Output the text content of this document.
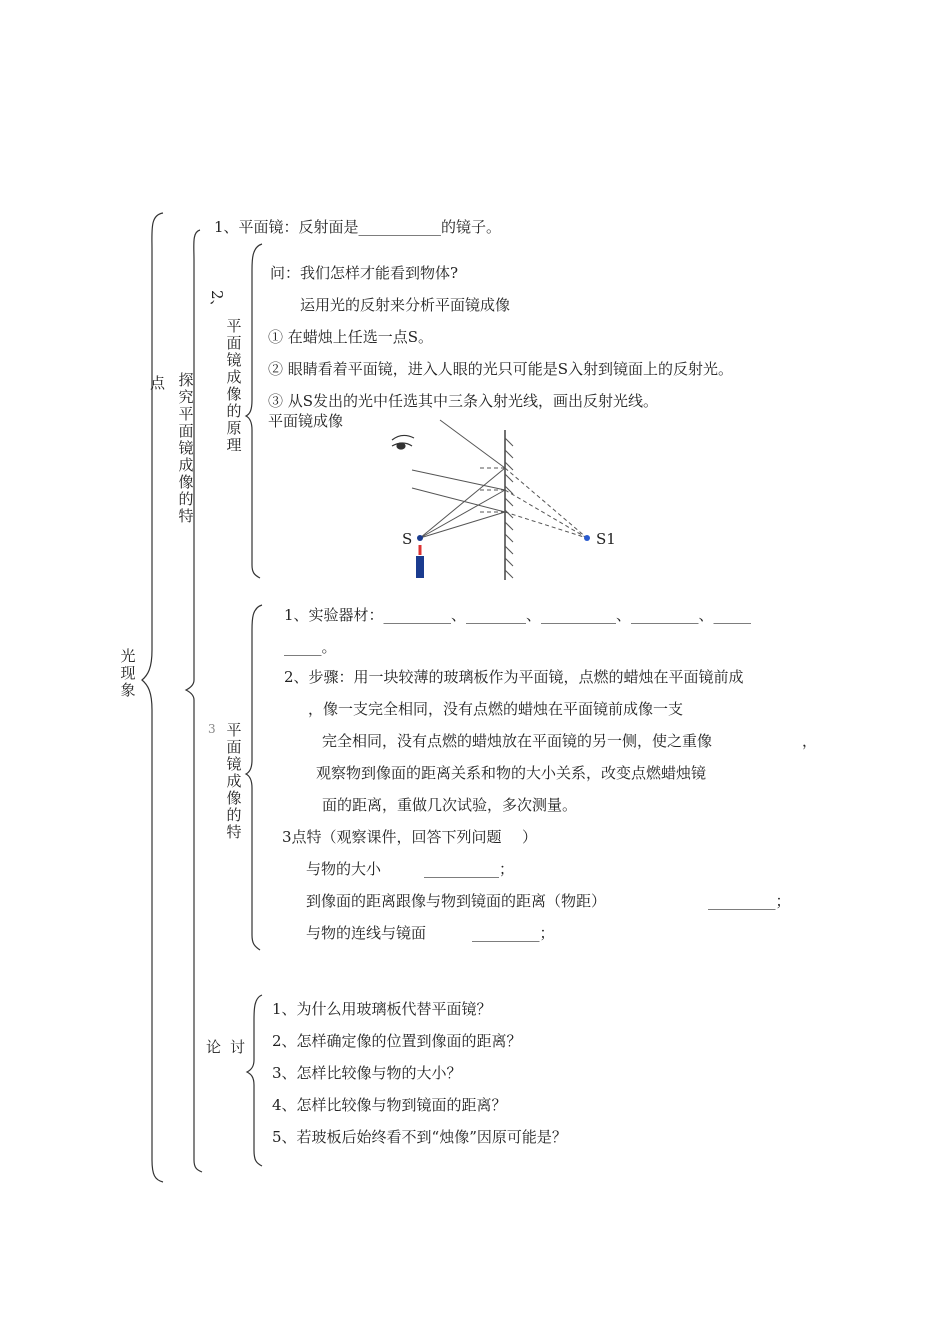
光现象
点 探究平面镜成像的特
1、平面镜：反射面是___________的镜子。
2、
平面镜成像的原理
问：我们怎样才能看到物体?
运用光的反射来分析平面镜成像
① 在蜡烛上任选一点S。
② 眼睛看着平面镜，进入人眼的光只可能是S入射到镜面上的反射光。
③ 从S发出的光中任选其中三条入射光线，画出反射光线。
平面镜成像
S	S1
3 平面镜成像的特
1、实验器材：_________、________、__________、_________、_____
_____。
2、步骤：用一块较薄的玻璃板作为平面镜，点燃的蜡烛在平面镜前成
，像一支完全相同，没有点燃的蜡烛在平面镜前成像一支
完全相同，没有点燃的蜡烛放在平面镜的另一侧，使之重像	，
观察物到像面的距离关系和物的大小关系，改变点燃蜡烛镜
面的距离，重做几次试验，多次测量。
3点特（观察课件，回答下列问题 ）
与物的大小	__________；
到像面的距离跟像与物到镜面的距离（物距）	_________；
与物的连线与镜面	_________；
论 讨
1、为什么用玻璃板代替平面镜？
2、怎样确定像的位置到像面的距离？
3、怎样比较像与物的大小？
4、怎样比较像与物到镜面的距离？
5、若玻板后始终看不到“烛像”因原可能是？
